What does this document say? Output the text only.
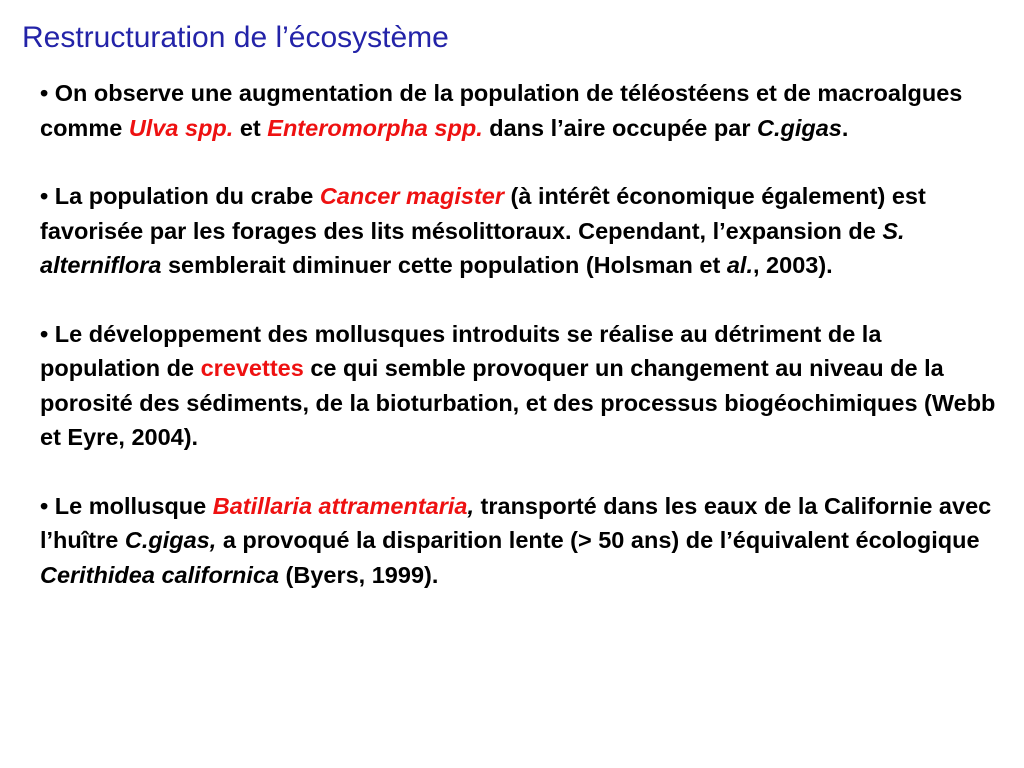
Restructuration de l’écosystème

• On observe une augmentation de la population de téléostéens et de macroalgues comme Ulva spp. et Enteromorpha spp. dans l’aire occupée par C.gigas.

• La population du crabe Cancer magister (à intérêt économique également) est favorisée par les forages des lits mésolittoraux. Cependant, l’expansion de S. alterniflora semblerait diminuer cette population (Holsman et al., 2003).

• Le développement des mollusques introduits se réalise au détriment de la population de crevettes ce qui semble provoquer un changement au niveau de la porosité des sédiments, de la bioturbation, et des processus biogéochimiques (Webb et Eyre, 2004).

• Le mollusque Batillaria attramentaria, transporté dans les eaux de la Californie avec l’huître C.gigas, a provoqué la disparition lente (> 50 ans) de l’équivalent écologique Cerithidea californica (Byers, 1999).
